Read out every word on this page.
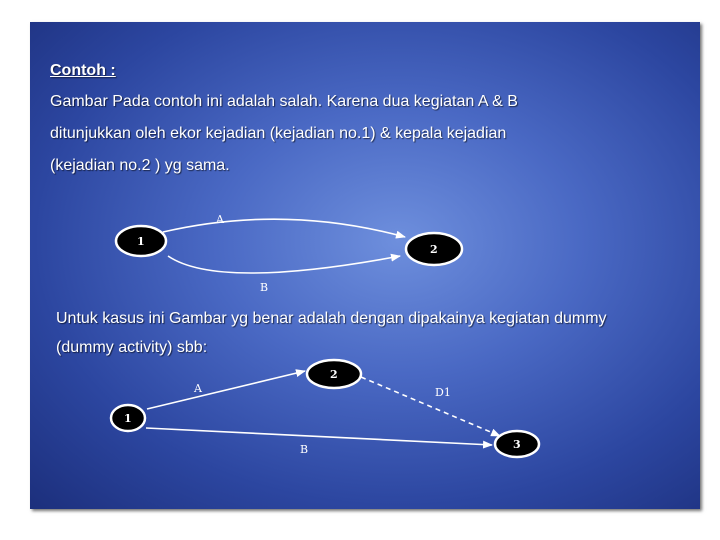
Contoh :
Gambar Pada contoh ini adalah salah. Karena dua kegiatan A & B
ditunjukkan oleh ekor kejadian (kejadian no.1) & kepala kejadian
(kejadian no.2 ) yg sama.
Untuk kasus ini Gambar yg benar adalah dengan dipakainya kegiatan dummy
(dummy activity) sbb:
A
B
1
2
A	D1
B
1
2
3
